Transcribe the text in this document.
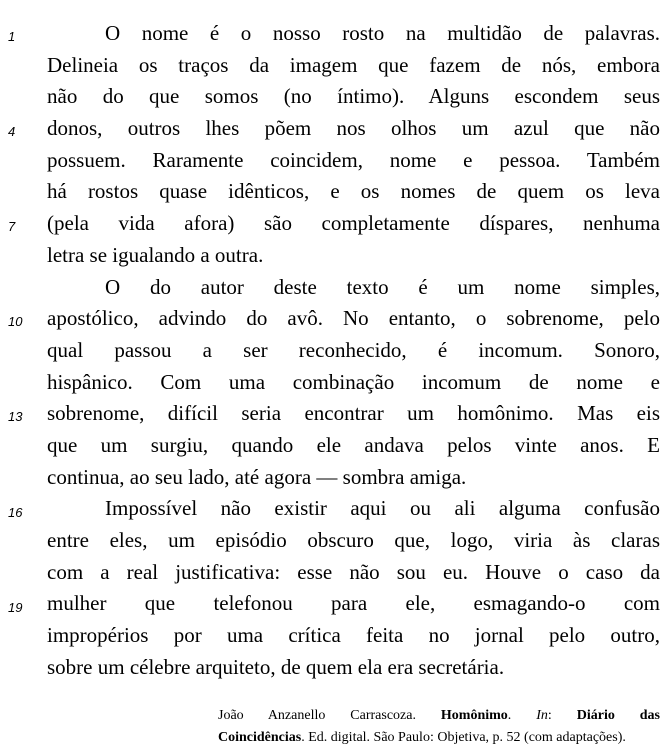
1
4
7
10
13
16
19
O nome é o nosso rosto na multidão de palavras.
Delineia os traços da imagem que fazem de nós, embora
não do que somos (no íntimo). Alguns escondem seus
donos, outros lhes põem nos olhos um azul que não
possuem. Raramente coincidem, nome e pessoa. Também
há rostos quase idênticos, e os nomes de quem os leva
(pela vida afora) são completamente díspares, nenhuma
letra se igualando a outra.
O do autor deste texto é um nome simples,
apostólico, advindo do avô. No entanto, o sobrenome, pelo
qual passou a ser reconhecido, é incomum. Sonoro,
hispânico. Com uma combinação incomum de nome e
sobrenome, difícil seria encontrar um homônimo. Mas eis
que um surgiu, quando ele andava pelos vinte anos. E
continua, ao seu lado, até agora — sombra amiga.
Impossível não existir aqui ou ali alguma confusão
entre eles, um episódio obscuro que, logo, viria às claras
com a real justificativa: esse não sou eu. Houve o caso da
mulher que telefonou para ele, esmagando-o com
impropérios por uma crítica feita no jornal pelo outro,
sobre um célebre arquiteto, de quem ela era secretária.
João Anzanello Carrascoza. Homônimo. In: Diário das
Coincidências. Ed. digital. São Paulo: Objetiva, p. 52 (com adaptações).
